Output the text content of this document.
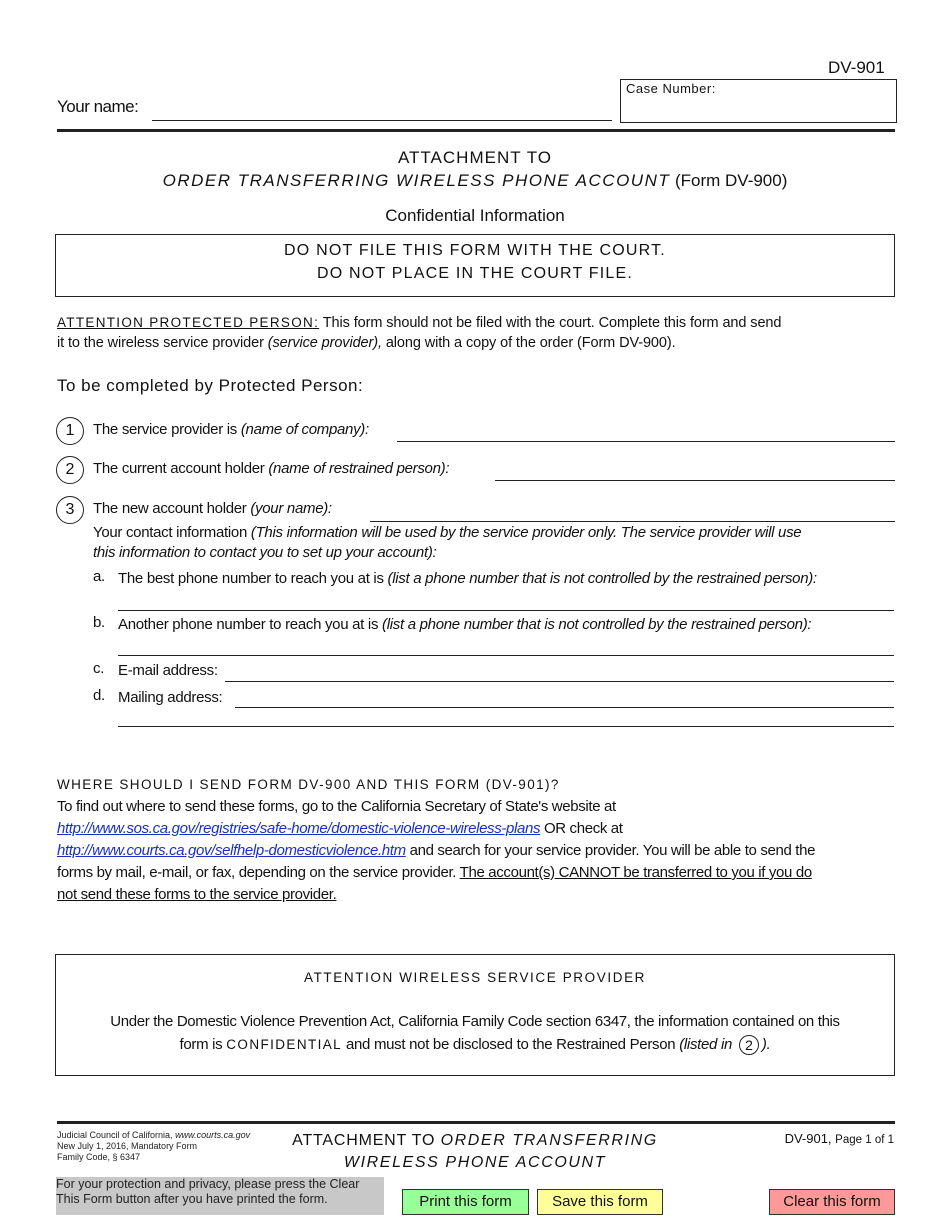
DV-901
Your name:
Case Number:
ATTACHMENT TO
ORDER TRANSFERRING WIRELESS PHONE ACCOUNT (Form DV-900)
Confidential Information
DO NOT FILE THIS FORM WITH THE COURT.
DO NOT PLACE IN THE COURT FILE.
ATTENTION PROTECTED PERSON: This form should not be filed with the court. Complete this form and send
it to the wireless service provider (service provider), along with a copy of the order (Form DV-900).
To be completed by Protected Person:
1	The service provider is (name of company):
2	The current account holder (name of restrained person):
3	The new account holder (your name):
Your contact information (This information will be used by the service provider only. The service provider will use
this information to contact you to set up your account):
a. The best phone number to reach you at is (list a phone number that is not controlled by the restrained person):
b. Another phone number to reach you at is (list a phone number that is not controlled by the restrained person):
c. E-mail address:
d. Mailing address:
WHERE SHOULD I SEND FORM DV-900 AND THIS FORM (DV-901)?
To find out where to send these forms, go to the California Secretary of State's website at
http://www.sos.ca.gov/registries/safe-home/domestic-violence-wireless-plans OR check at
http://www.courts.ca.gov/selfhelp-domesticviolence.htm and search for your service provider. You will be able to send the
forms by mail, e-mail, or fax, depending on the service provider. The account(s) CANNOT be transferred to you if you do
not send these forms to the service provider.
ATTENTION WIRELESS SERVICE PROVIDER
Under the Domestic Violence Prevention Act, California Family Code section 6347, the information contained on this
form is CONFIDENTIAL and must not be disclosed to the Restrained Person (listed in 2 ).
Judicial Council of California, www.courts.ca.gov
New July 1, 2016, Mandatory Form
Family Code, § 6347
ATTACHMENT TO ORDER TRANSFERRING
WIRELESS PHONE ACCOUNT
DV-901, Page 1 of 1
For your protection and privacy, please press the Clear
This Form button after you have printed the form.	Print this form	Save this form	Clear this form
